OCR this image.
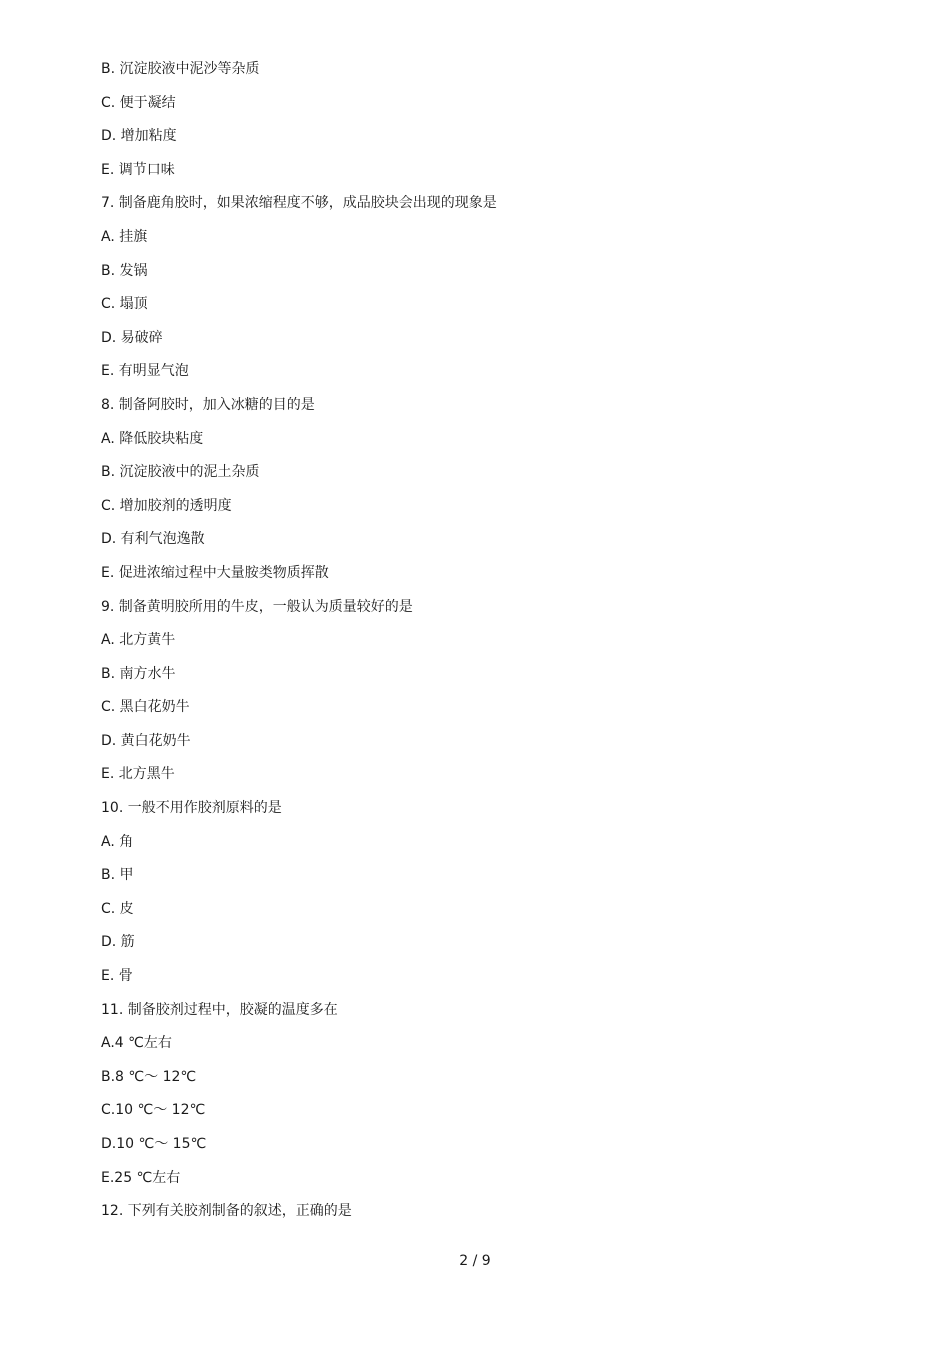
B. 沉淀胶液中泥沙等杂质
C. 便于凝结
D. 增加粘度
E. 调节口味
7. 制备鹿角胶时，如果浓缩程度不够，成品胶块会出现的现象是
A. 挂旗
B. 发锅
C. 塌顶
D. 易破碎
E. 有明显气泡
8. 制备阿胶时，加入冰糖的目的是
A. 降低胶块粘度
B. 沉淀胶液中的泥土杂质
C. 增加胶剂的透明度
D. 有利气泡逸散
E. 促进浓缩过程中大量胺类物质挥散
9. 制备黄明胶所用的牛皮，一般认为质量较好的是
A. 北方黄牛
B. 南方水牛
C. 黑白花奶牛
D. 黄白花奶牛
E. 北方黑牛
10. 一般不用作胶剂原料的是
A. 角
B. 甲
C. 皮
D. 筋
E. 骨
11. 制备胶剂过程中，胶凝的温度多在
A.4 ℃左右
B.8 ℃～ 12℃
C.10 ℃～ 12℃
D.10 ℃～ 15℃
E.25 ℃左右
12. 下列有关胶剂制备的叙述，正确的是
2 / 9
